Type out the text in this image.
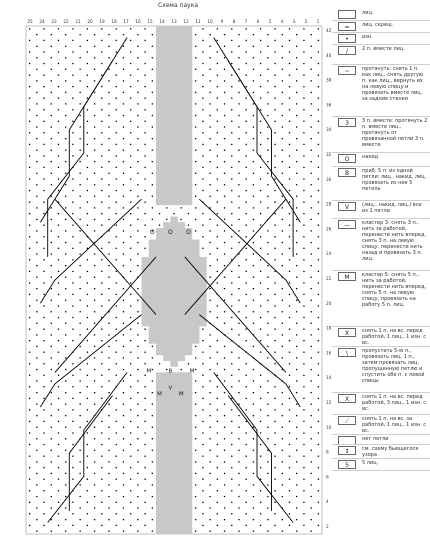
Схема паука
25 24 23 22 21 20 19 18 17 16 15 14 13 12 11 10 9 8 7 6 5 4 3 2 1
42
40
38
36
34
32
30
28
26
24
22
20
18
16
14
12
10
8
6
4
2
O O O
M	B	M
V
M	M
лиц.
=	лиц. скрещ.
•	изн.
/	2 п. вместе лиц.
~	протянуть: снять 1 п. как лиц., снять другую п. как лиц., вернуть их на левую спицу и провязать вместе лиц. за задние стенки
3	3 п. вместе: протянуть 2 п. вместе лиц., протянуть от провязанной петли 3 п. вместе
O	накид
B	приб. 5 п. из одной петли: лиц., накид, лиц. провязать из нее 5 петель
V	(лиц., накид, лиц.) все из 1 петли
—	кластер 3: снять 3 п., нить за работой, перенести нить вперед, снять 3 п. на левую спицу, перенести нить назад и провязать 3 п. лиц.
M	кластер 5: снять 5 п., нить за работой, перенести нить вперед, снять 5 п. на левую спицу, провязать на работу 5 п. лиц.
X	снять 1 п. на вс. перед работой, 1 лиц., 1 изн. с вс.
\	пропустить 5-ю п., провязать лиц. 1 п., затем провязать лиц. пропущенную петлю и спустить обе п. с левой спицы
X	снять 1 п. на вс. перед работой, 3 лиц., 1 изн. с вс.
⟋	снять 1 п. на вс. за работой, 1 лиц., 1 изн. с вс.
нет петли
↕	см. схему бьющегося узора
5	5 лиц.
